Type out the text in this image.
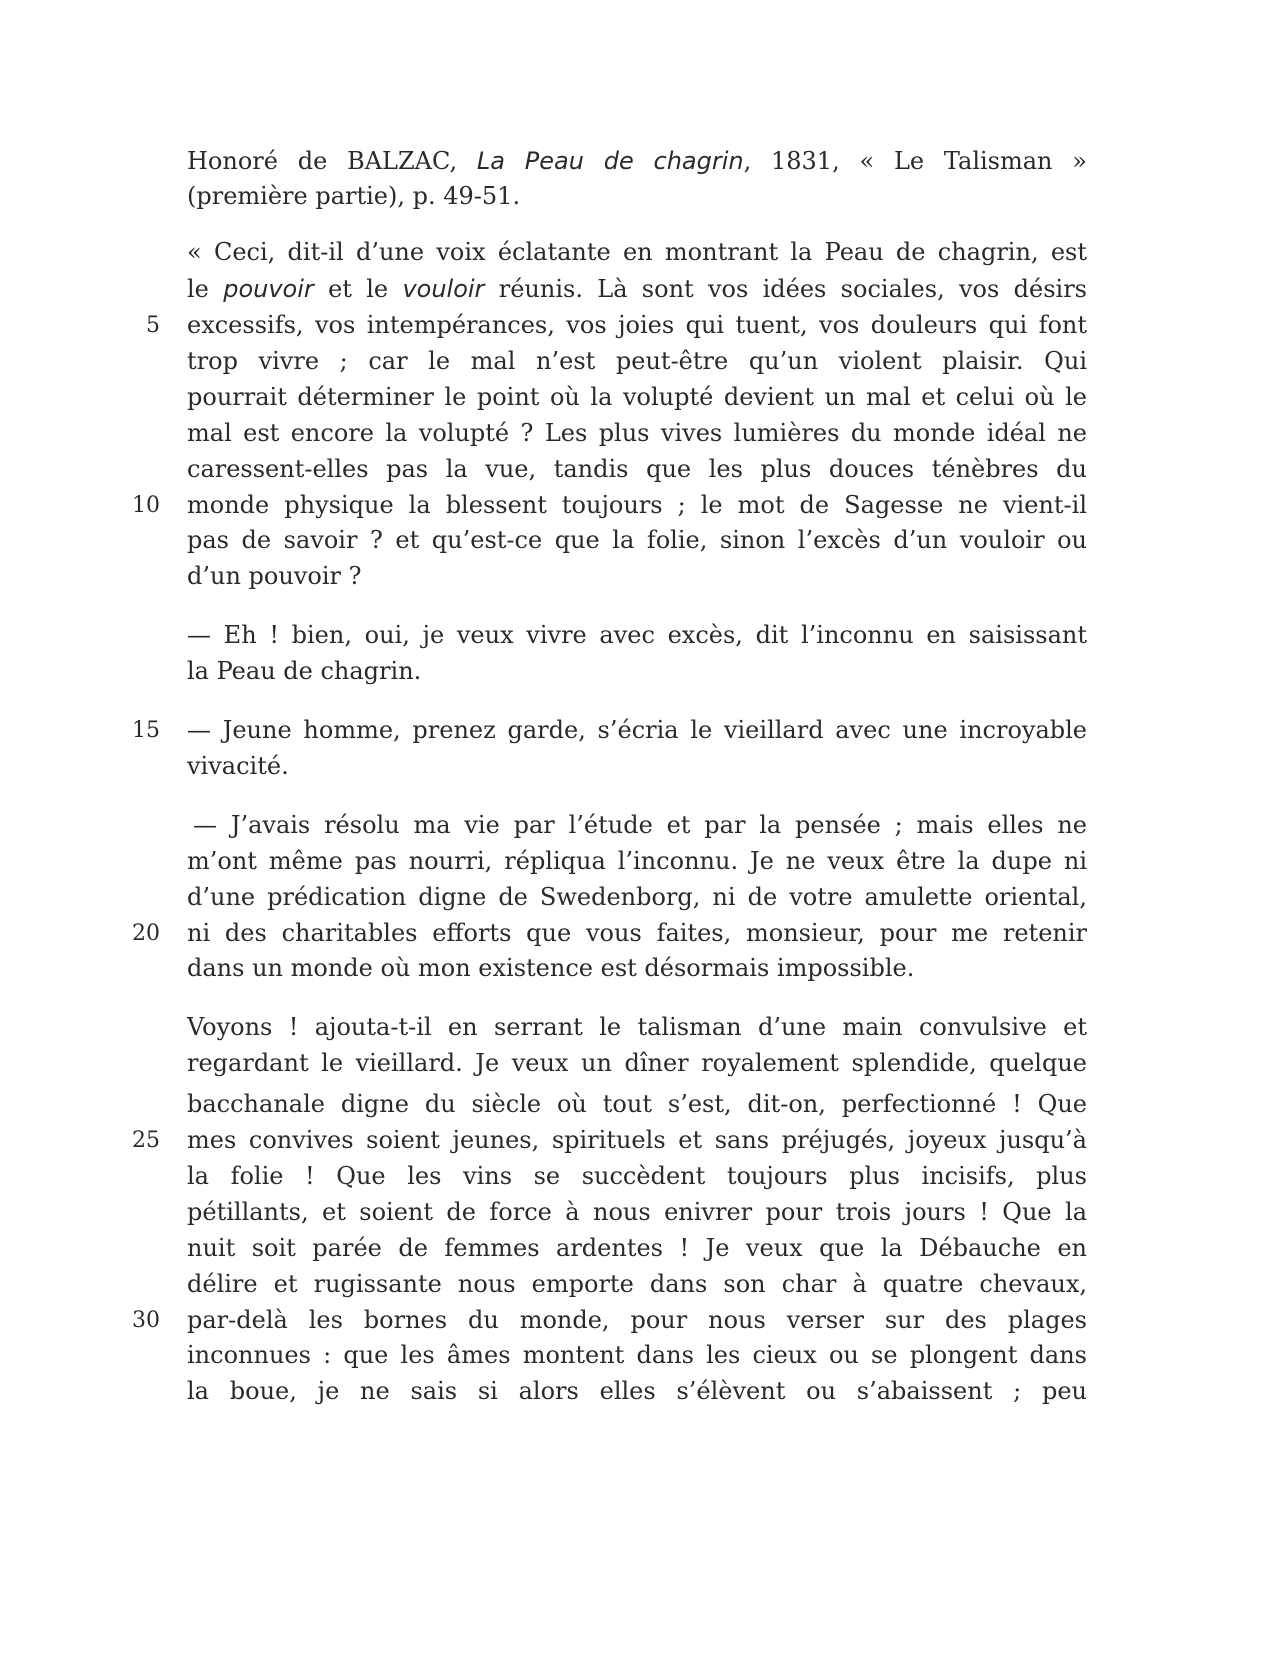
Honoré de BALZAC, La Peau de chagrin, 1831, « Le Talisman »

(première partie), p. 49-51.

« Ceci, dit-il d’une voix éclatante en montrant la Peau de chagrin, est

le pouvoir et le vouloir réunis. Là sont vos idées sociales, vos désirs

excessifs, vos intempérances, vos joies qui tuent, vos douleurs qui font

trop vivre ; car le mal n’est peut-être qu’un violent plaisir. Qui

pourrait déterminer le point où la volupté devient un mal et celui où le

mal est encore la volupté ? Les plus vives lumières du monde idéal ne

caressent-elles pas la vue, tandis que les plus douces ténèbres du

monde physique la blessent toujours ; le mot de Sagesse ne vient-il

pas de savoir ? et qu’est-ce que la folie, sinon l’excès d’un vouloir ou

d’un pouvoir ?

— Eh ! bien, oui, je veux vivre avec excès, dit l’inconnu en saisissant

la Peau de chagrin.

— Jeune homme, prenez garde, s’écria le vieillard avec une incroyable

vivacité.

— J’avais résolu ma vie par l’étude et par la pensée ; mais elles ne

m’ont même pas nourri, répliqua l’inconnu. Je ne veux être la dupe ni

d’une prédication digne de Swedenborg, ni de votre amulette oriental,

ni des charitables efforts que vous faites, monsieur, pour me retenir

dans un monde où mon existence est désormais impossible.

Voyons ! ajouta-t-il en serrant le talisman d’une main convulsive et

regardant le vieillard. Je veux un dîner royalement splendide, quelque

bacchanale digne du siècle où tout s’est, dit-on, perfectionné ! Que

mes convives soient jeunes, spirituels et sans préjugés, joyeux jusqu’à

la folie ! Que les vins se succèdent toujours plus incisifs, plus

pétillants, et soient de force à nous enivrer pour trois jours ! Que la

nuit soit parée de femmes ardentes ! Je veux que la Débauche en

délire et rugissante nous emporte dans son char à quatre chevaux,

par-delà les bornes du monde, pour nous verser sur des plages

inconnues : que les âmes montent dans les cieux ou se plongent dans

la boue, je ne sais si alors elles s’élèvent ou s’abaissent ; peu

5
10
15
20
25
30
